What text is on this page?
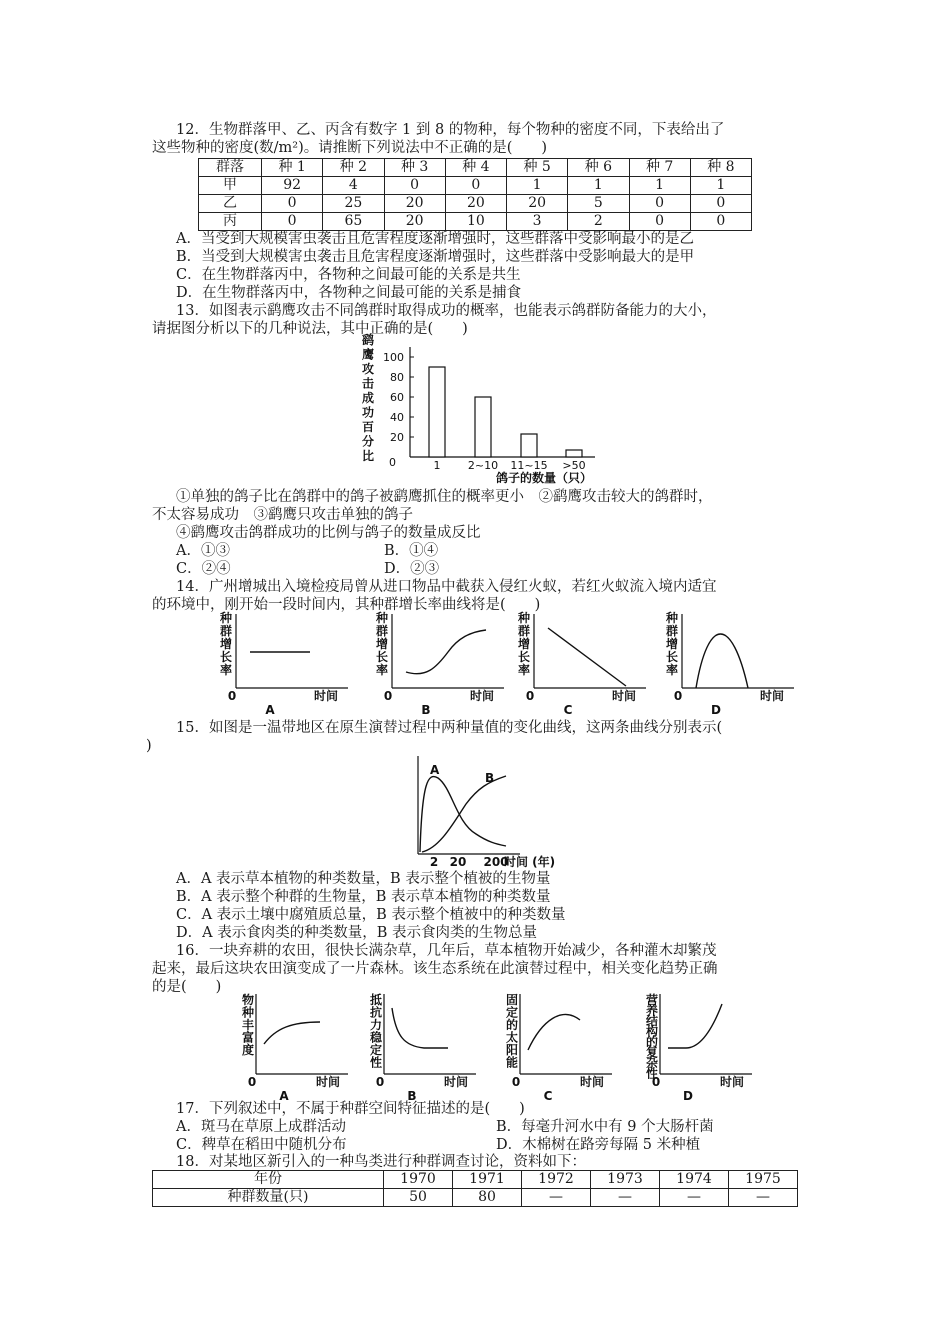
12．生物群落甲、乙、丙含有数字 1 到 8 的物种，每个物种的密度不同，下表给出了
这些物种的密度(数/m²)。请推断下列说法中不正确的是(　　)
群落	种 1	种 2	种 3	种 4	种 5	种 6	种 7	种 8
甲	92	4	0	0	1	1	1	1
乙	0	25	20	20	20	5	0	0
丙	0	65	20	10	3	2	0	0
A．当受到大规模害虫袭击且危害程度逐渐增强时，这些群落中受影响最小的是乙
B．当受到大规模害虫袭击且危害程度逐渐增强时，这些群落中受影响最大的是甲
C．在生物群落丙中，各物种之间最可能的关系是共生
D．在生物群落丙中，各物种之间最可能的关系是捕食
13．如图表示鹞鹰攻击不同鸽群时取得成功的概率，也能表示鸽群防备能力的大小，
请据图分析以下的几种说法，其中正确的是(　　)
鹞鹰攻击成功百分比 0
20
40
60
80
100
1 2~10 11~15 >50
鸽子的数量（只）
①单独的鸽子比在鸽群中的鸽子被鹞鹰抓住的概率更小　②鹞鹰攻击较大的鸽群时，
不太容易成功　③鹞鹰只攻击单独的鸽子
④鹞鹰攻击鸽群成功的比例与鸽子的数量成反比
A．①③	B．①④
C．②④	D．②③
14．广州增城出入境检疫局曾从进口物品中截获入侵红火蚁，若红火蚁流入境内适宜
的环境中，刚开始一段时间内，其种群增长率曲线将是(　　)
种群增长率
0	时间
A
种群增长率
0	时间
B
种群增长率
0	时间
C
种群增长率
0	时间
D
15．如图是一温带地区在原生演替过程中两种量值的变化曲线，这两条曲线分别表示(
)
A
B
2 20 200
时间 (年)
A．A 表示草本植物的种类数量，B 表示整个植被的生物量
B．A 表示整个种群的生物量，B 表示草本植物的种类数量
C．A 表示土壤中腐殖质总量，B 表示整个植被中的种类数量
D．A 表示食肉类的种类数量，B 表示食肉类的生物总量
16．一块弃耕的农田，很快长满杂草，几年后，草本植物开始减少，各种灌木却繁茂
起来，最后这块农田演变成了一片森林。该生态系统在此演替过程中，相关变化趋势正确
的是(　　)
物种丰富度
0	时间
A
抵抗力稳定性
0	时间
B
固定的太阳能
0	时间
C
营养结构的复杂性
0	时间
D
17．下列叙述中，不属于种群空间特征描述的是(　　)
A．斑马在草原上成群活动	B．每毫升河水中有 9 个大肠杆菌
C．稗草在稻田中随机分布	D．木棉树在路旁每隔 5 米种植
18．对某地区新引入的一种鸟类进行种群调查讨论，资料如下：
年份	1970	1971	1972	1973	1974	1975
种群数量(只)	50	80	—	—	—	—
